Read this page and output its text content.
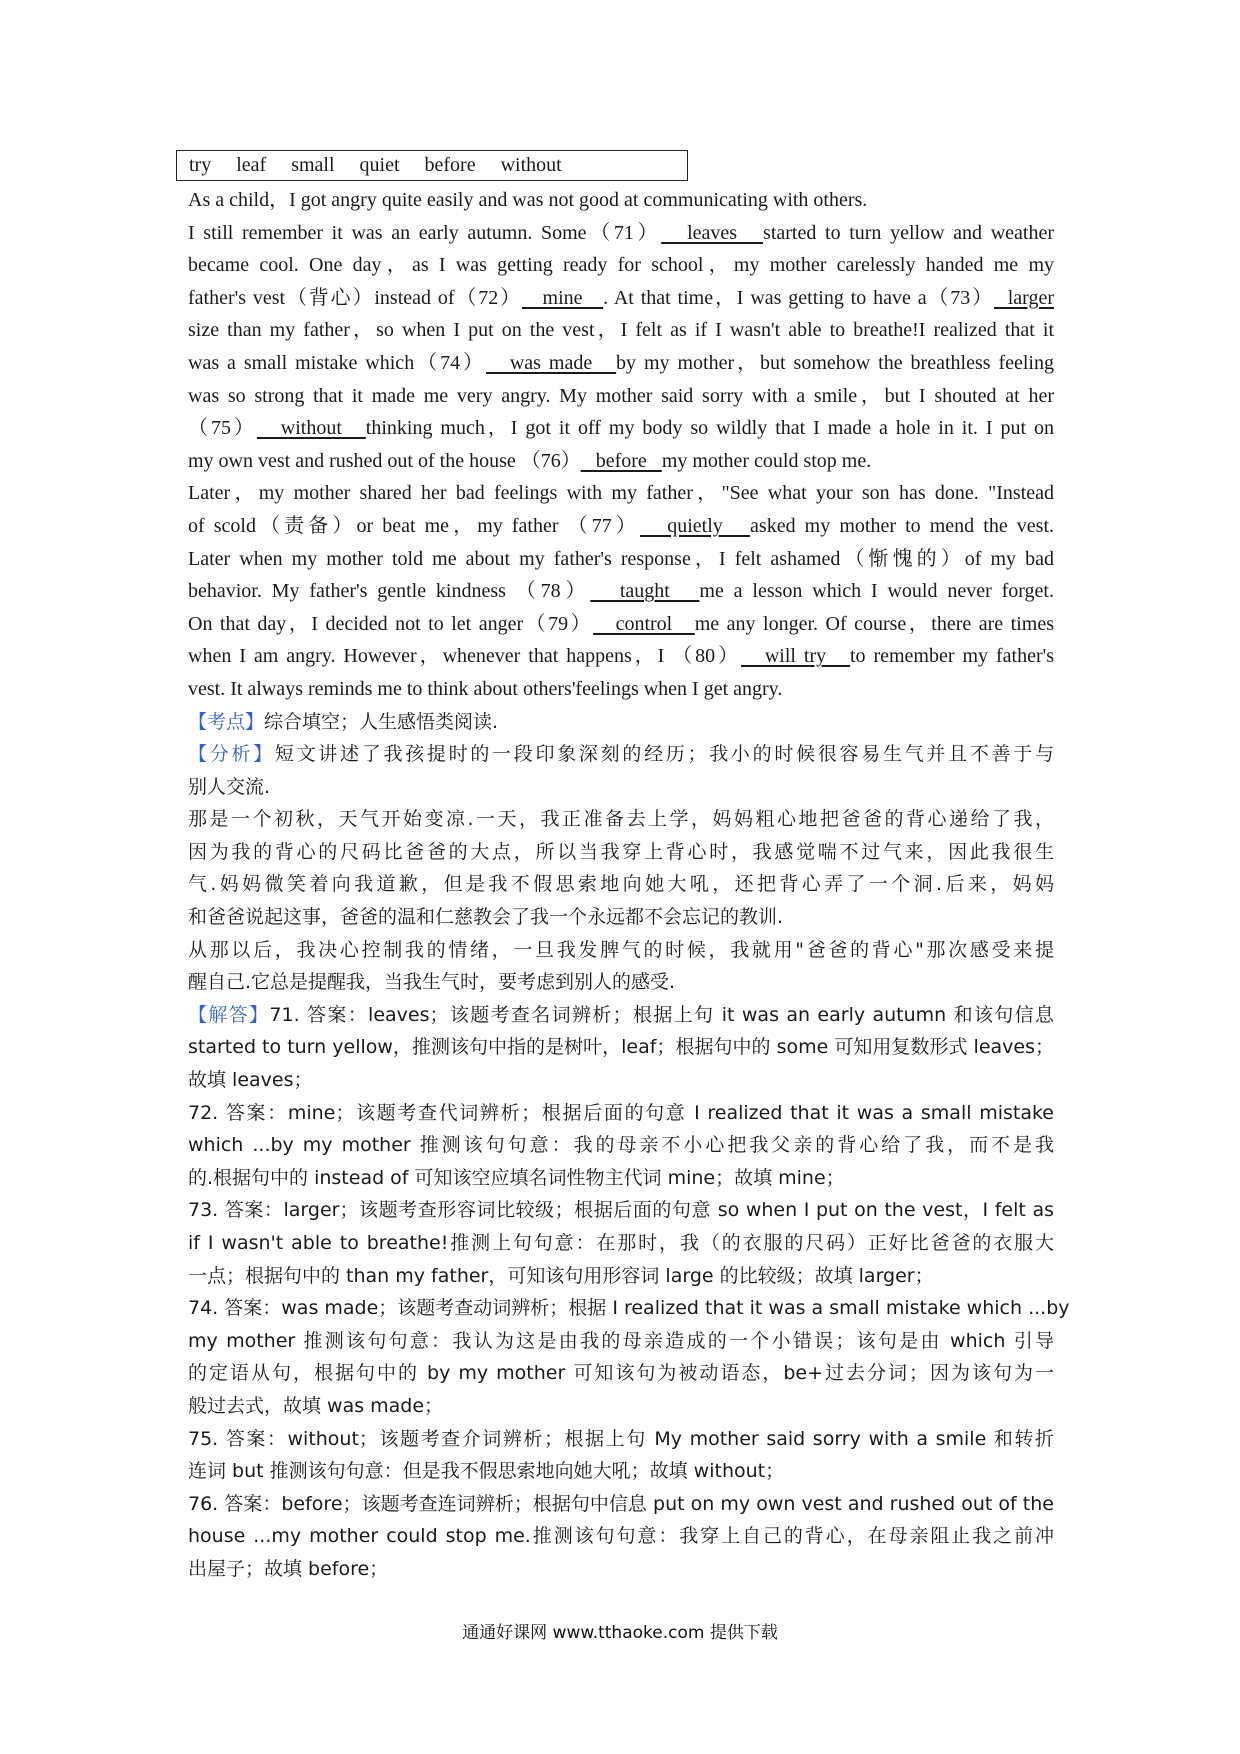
try     leaf     small     quiet     before     without
As a child，I got angry quite easily and was not good at communicating with others.
I still remember it was an early autumn. Some（71）   leaves   started to turn yellow and weather
became cool. One day，as I was getting ready for school，my mother carelessly handed me my
father's vest（背心）instead of（72）   mine   . At that time，I was getting to have a（73）  larger
size than my father，so when I put on the vest，I felt as if I wasn't able to breathe!I realized that it
was a small mistake which（74）   was made   by my mother，but somehow the breathless feeling
was so strong that it made me very angry. My mother said sorry with a smile，but I shouted at her
（75）   without   thinking much，I got it off my body so wildly that I made a hole in it. I put on
my own vest and rushed out of the house （76）   before   my mother could stop me.
Later，my mother shared her bad feelings with my father，"See what your son has done. "Instead
of scold（责备）or beat me，my father （77）   quietly   asked my mother to mend the vest.
Later when my mother told me about my father's response，I felt ashamed（惭愧的）of my bad
behavior. My father's gentle kindness （78）   taught   me a lesson which I would never forget.
On that day，I decided not to let anger（79）   control   me any longer. Of course，there are times
when I am angry. However，whenever that happens，I （80）   will try   to remember my father's
vest. It always reminds me to think about others'feelings when I get angry.
【考点】综合填空；人生感悟类阅读.
【分析】短文讲述了我孩提时的一段印象深刻的经历；我小的时候很容易生气并且不善于与
别人交流.
那是一个初秋，天气开始变凉.一天，我正准备去上学，妈妈粗心地把爸爸的背心递给了我，
因为我的背心的尺码比爸爸的大点，所以当我穿上背心时，我感觉喘不过气来，因此我很生
气.妈妈微笑着向我道歉，但是我不假思索地向她大吼，还把背心弄了一个洞.后来，妈妈
和爸爸说起这事，爸爸的温和仁慈教会了我一个永远都不会忘记的教训.
从那以后，我决心控制我的情绪，一旦我发脾气的时候，我就用"爸爸的背心"那次感受来提
醒自己.它总是提醒我，当我生气时，要考虑到别人的感受.
【解答】71. 答案：leaves；该题考查名词辨析；根据上句 it was an early autumn 和该句信息
started to turn yellow，推测该句中指的是树叶，leaf；根据句中的 some 可知用复数形式 leaves；
故填 leaves；
72. 答案：mine；该题考查代词辨析；根据后面的句意 I realized that it was a small mistake
which ...by my mother 推测该句句意：我的母亲不小心把我父亲的背心给了我，而不是我
的.根据句中的 instead of 可知该空应填名词性物主代词 mine；故填 mine；
73. 答案：larger；该题考查形容词比较级；根据后面的句意 so when I put on the vest，I felt as
if I wasn't able to breathe!推测上句句意：在那时，我（的衣服的尺码）正好比爸爸的衣服大
一点；根据句中的 than my father，可知该句用形容词 large 的比较级；故填 larger；
74. 答案：was made；该题考查动词辨析；根据 I realized that it was a small mistake which ...by
my mother 推测该句句意：我认为这是由我的母亲造成的一个小错误；该句是由 which 引导
的定语从句，根据句中的 by my mother 可知该句为被动语态，be+过去分词；因为该句为一
般过去式，故填 was made；
75. 答案：without；该题考查介词辨析；根据上句 My mother said sorry with a smile 和转折
连词 but 推测该句句意：但是我不假思索地向她大吼；故填 without；
76. 答案：before；该题考查连词辨析；根据句中信息 put on my own vest and rushed out of the
house ...my mother could stop me.推测该句句意：我穿上自己的背心，在母亲阻止我之前冲
出屋子；故填 before；
通通好课网 www.tthaoke.com 提供下载
